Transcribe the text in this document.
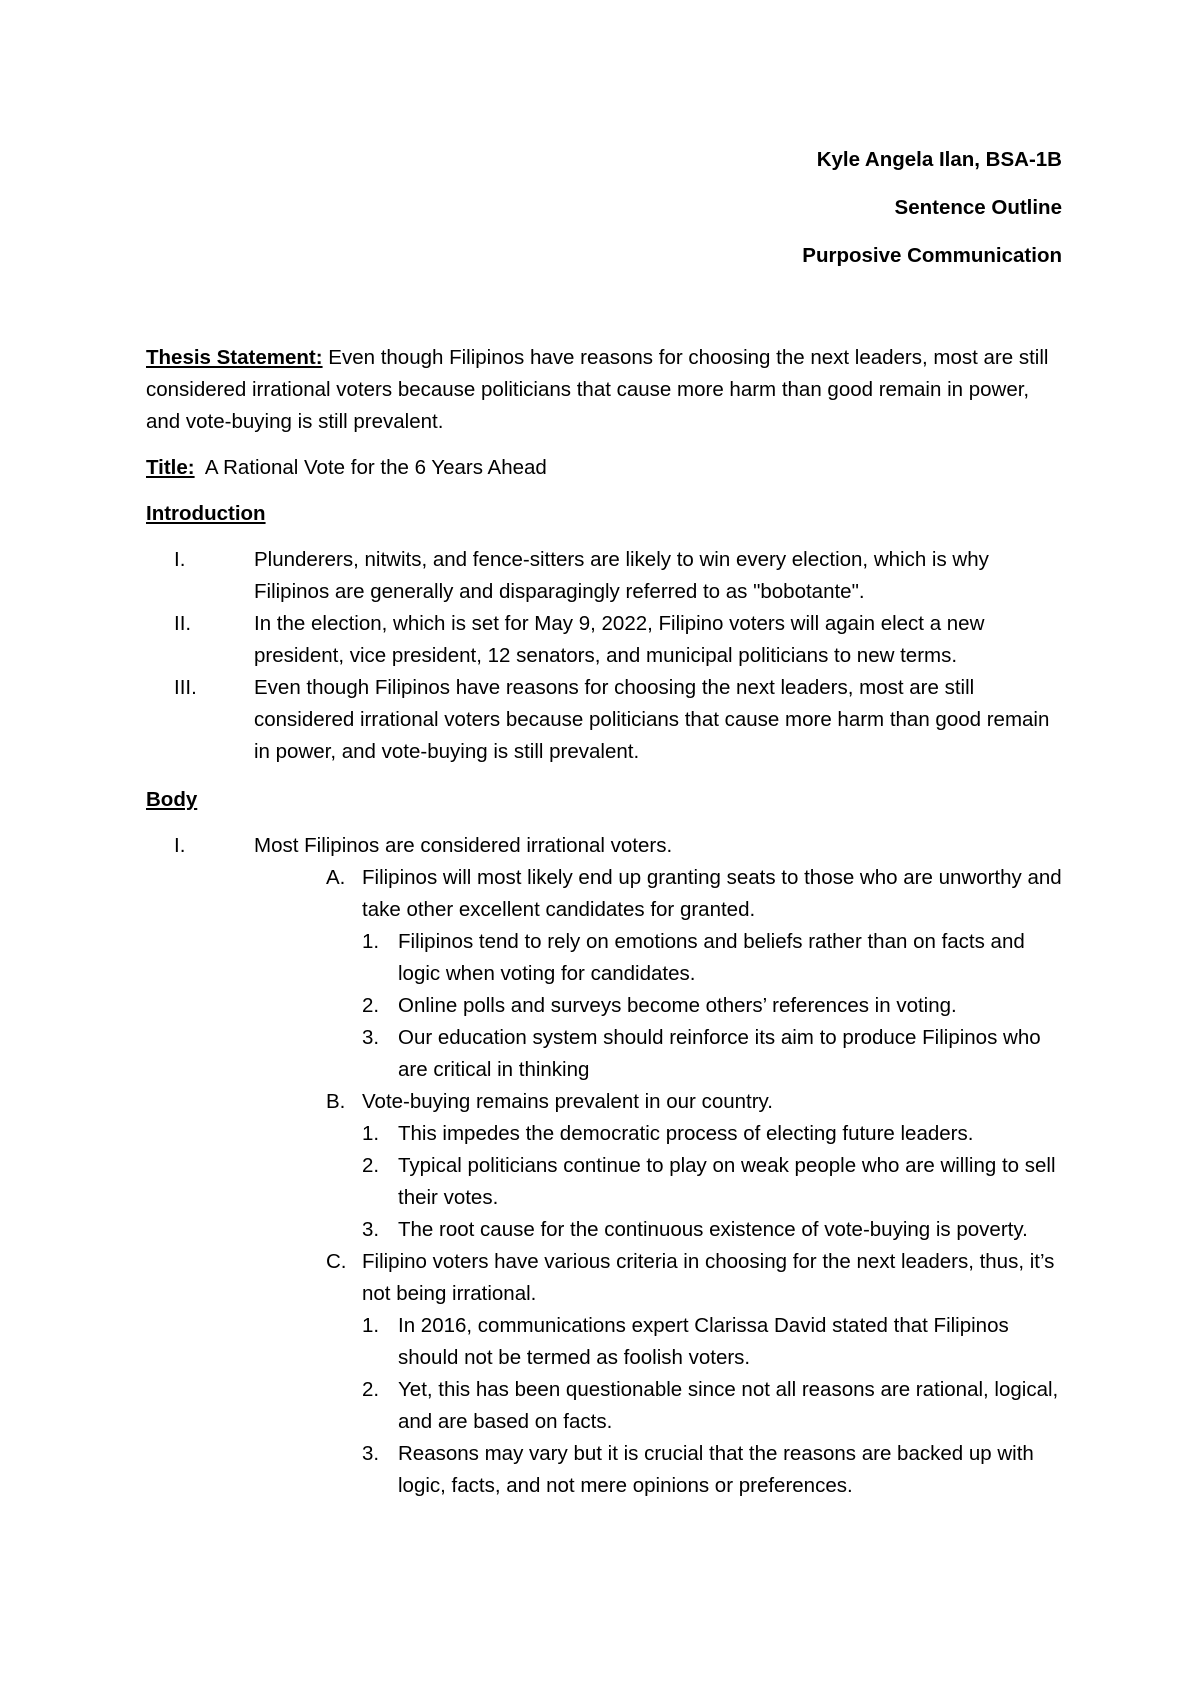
Kyle Angela Ilan, BSA-1B
Sentence Outline
Purposive Communication
Thesis Statement: Even though Filipinos have reasons for choosing the next leaders, most are still considered irrational voters because politicians that cause more harm than good remain in power, and vote-buying is still prevalent.
Title:  A Rational Vote for the 6 Years Ahead
Introduction
I.	Plunderers, nitwits, and fence-sitters are likely to win every election, which is why Filipinos are generally and disparagingly referred to as "bobotante".
II.	In the election, which is set for May 9, 2022, Filipino voters will again elect a new president, vice president, 12 senators, and municipal politicians to new terms.
III.	Even though Filipinos have reasons for choosing the next leaders, most are still considered irrational voters because politicians that cause more harm than good remain in power, and vote-buying is still prevalent.
Body
I.	Most Filipinos are considered irrational voters.
A. Filipinos will most likely end up granting seats to those who are unworthy and take other excellent candidates for granted.
1. Filipinos tend to rely on emotions and beliefs rather than on facts and logic when voting for candidates.
2. Online polls and surveys become others’ references in voting.
3. Our education system should reinforce its aim to produce Filipinos who are critical in thinking
B. Vote-buying remains prevalent in our country.
1. This impedes the democratic process of electing future leaders.
2. Typical politicians continue to play on weak people who are willing to sell their votes.
3. The root cause for the continuous existence of vote-buying is poverty.
C. Filipino voters have various criteria in choosing for the next leaders, thus, it’s not being irrational.
1. In 2016, communications expert Clarissa David stated that Filipinos should not be termed as foolish voters.
2. Yet, this has been questionable since not all reasons are rational, logical, and are based on facts.
3. Reasons may vary but it is crucial that the reasons are backed up with logic, facts, and not mere opinions or preferences.
